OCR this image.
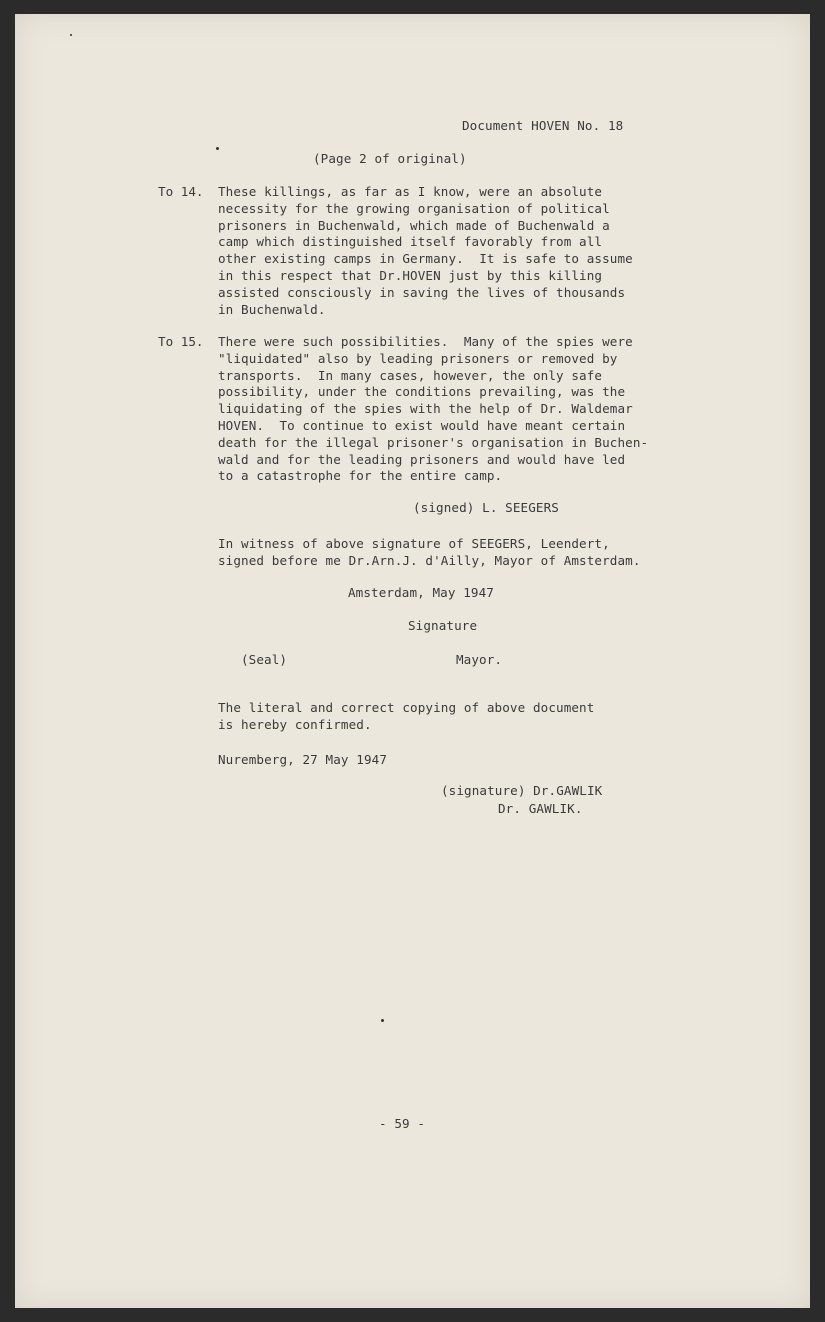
Document HOVEN No. 18
(Page 2 of original)
To 14. These killings, as far as I know, were an absolute
necessity for the growing organisation of political
prisoners in Buchenwald, which made of Buchenwald a
camp which distinguished itself favorably from all
other existing camps in Germany.  It is safe to assume
in this respect that Dr.HOVEN just by this killing
assisted consciously in saving the lives of thousands
in Buchenwald.
To 15. There were such possibilities.  Many of the spies were
"liquidated" also by leading prisoners or removed by
transports.  In many cases, however, the only safe
possibility, under the conditions prevailing, was the
liquidating of the spies with the help of Dr. Waldemar
HOVEN.  To continue to exist would have meant certain
death for the illegal prisoner's organisation in Buchen-
wald and for the leading prisoners and would have led
to a catastrophe for the entire camp.
(signed) L. SEEGERS
In witness of above signature of SEEGERS, Leendert,
signed before me Dr.Arn.J. d'Ailly, Mayor of Amsterdam.
Amsterdam, May 1947
Signature
(Seal)	Mayor.
The literal and correct copying of above document
is hereby confirmed.
Nuremberg, 27 May 1947
(signature) Dr.GAWLIK
Dr. GAWLIK.
- 59 -
